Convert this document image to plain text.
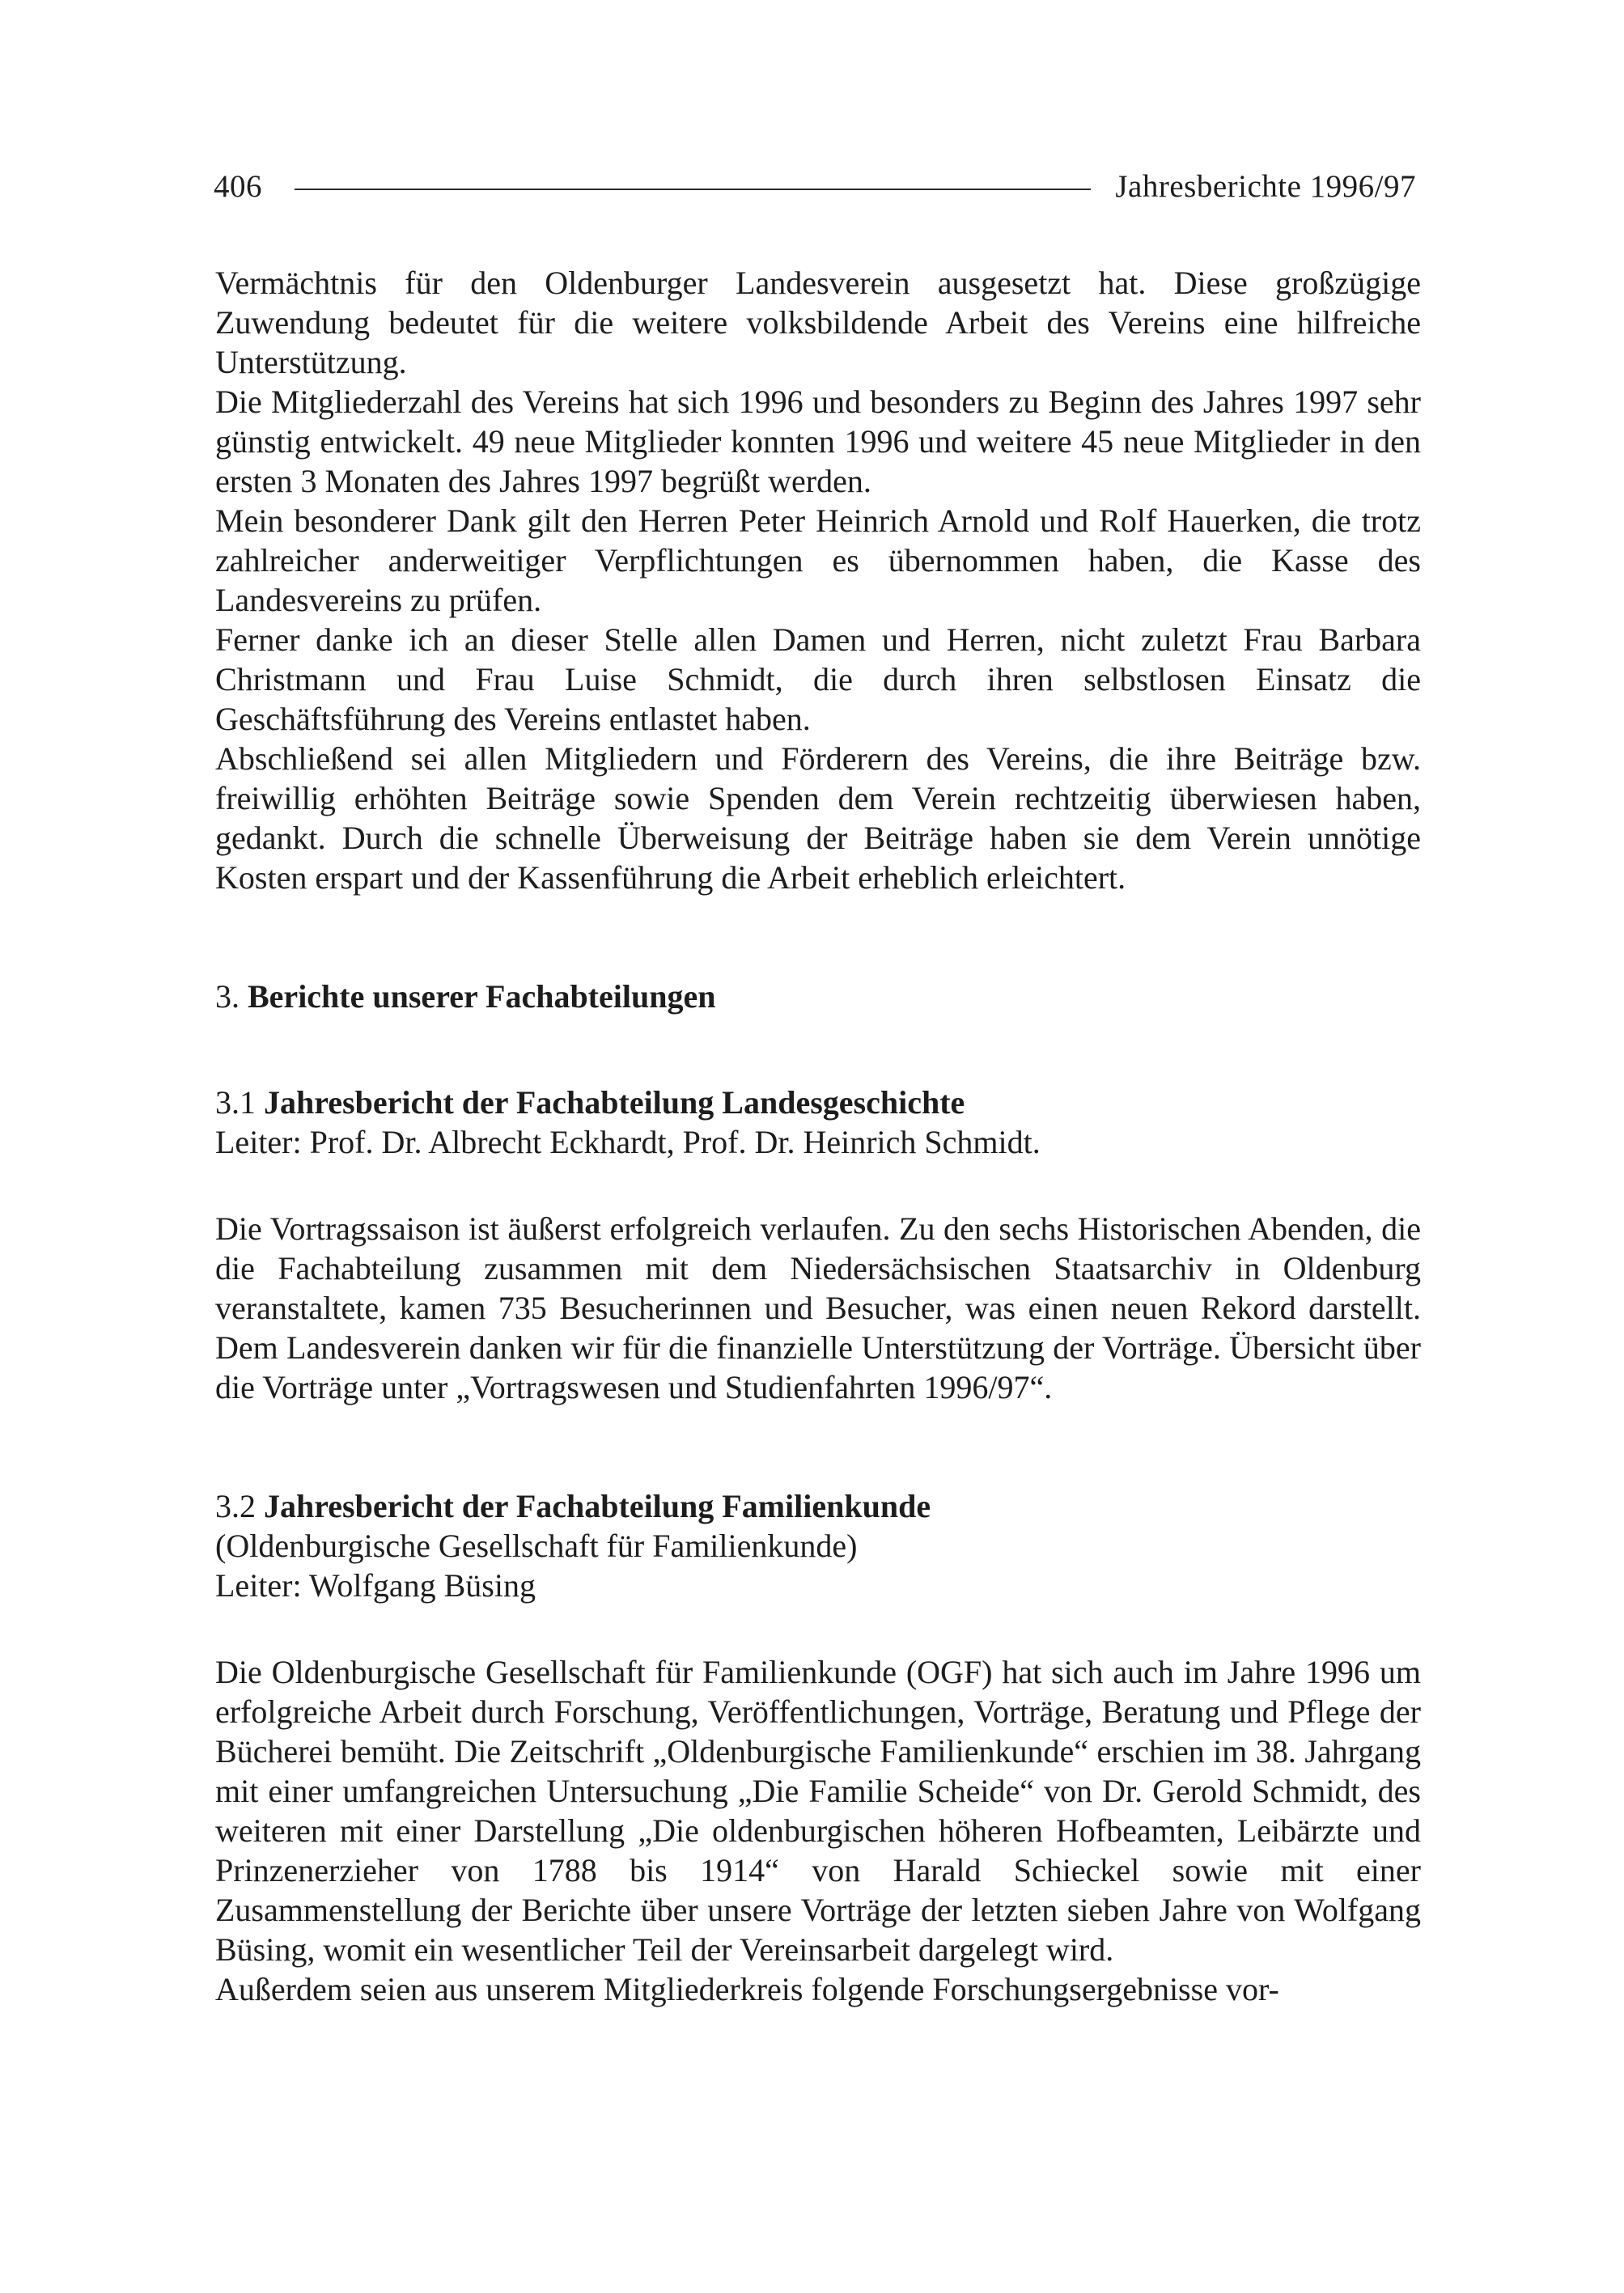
406	Jahresberichte 1996/97

Vermächtnis für den Oldenburger Landesverein ausgesetzt hat. Diese großzügige Zuwendung bedeutet für die weitere volksbildende Arbeit des Vereins eine hilfreiche Unterstützung.

Die Mitgliederzahl des Vereins hat sich 1996 und besonders zu Beginn des Jahres 1997 sehr günstig entwickelt. 49 neue Mitglieder konnten 1996 und weitere 45 neue Mitglieder in den ersten 3 Monaten des Jahres 1997 begrüßt werden.

Mein besonderer Dank gilt den Herren Peter Heinrich Arnold und Rolf Hauerken, die trotz zahlreicher anderweitiger Verpflichtungen es übernommen haben, die Kasse des Landesvereins zu prüfen.

Ferner danke ich an dieser Stelle allen Damen und Herren, nicht zuletzt Frau Barbara Christmann und Frau Luise Schmidt, die durch ihren selbstlosen Einsatz die Geschäftsführung des Vereins entlastet haben.

Abschließend sei allen Mitgliedern und Förderern des Vereins, die ihre Beiträge bzw. freiwillig erhöhten Beiträge sowie Spenden dem Verein rechtzeitig überwiesen haben, gedankt. Durch die schnelle Überweisung der Beiträge haben sie dem Verein unnötige Kosten erspart und der Kassenführung die Arbeit erheblich erleichtert.

3. Berichte unserer Fachabteilungen

3.1 Jahresbericht der Fachabteilung Landesgeschichte

Leiter: Prof. Dr. Albrecht Eckhardt, Prof. Dr. Heinrich Schmidt.

Die Vortragssaison ist äußerst erfolgreich verlaufen. Zu den sechs Historischen Abenden, die die Fachabteilung zusammen mit dem Niedersächsischen Staatsarchiv in Oldenburg veranstaltete, kamen 735 Besucherinnen und Besucher, was einen neuen Rekord darstellt. Dem Landesverein danken wir für die finanzielle Unterstützung der Vorträge. Übersicht über die Vorträge unter „Vortragswesen und Studienfahrten 1996/97“.

3.2 Jahresbericht der Fachabteilung Familienkunde

(Oldenburgische Gesellschaft für Familienkunde)

Leiter: Wolfgang Büsing

Die Oldenburgische Gesellschaft für Familienkunde (OGF) hat sich auch im Jahre 1996 um erfolgreiche Arbeit durch Forschung, Veröffentlichungen, Vorträge, Beratung und Pflege der Bücherei bemüht. Die Zeitschrift „Oldenburgische Familienkunde“ erschien im 38. Jahrgang mit einer umfangreichen Untersuchung „Die Familie Scheide“ von Dr. Gerold Schmidt, des weiteren mit einer Darstellung „Die oldenburgischen höheren Hofbeamten, Leibärzte und Prinzenerzieher von 1788 bis 1914“ von Harald Schieckel sowie mit einer Zusammenstellung der Berichte über unsere Vorträge der letzten sieben Jahre von Wolfgang Büsing, womit ein wesentlicher Teil der Vereinsarbeit dargelegt wird.

Außerdem seien aus unserem Mitgliederkreis folgende Forschungsergebnisse vor-
